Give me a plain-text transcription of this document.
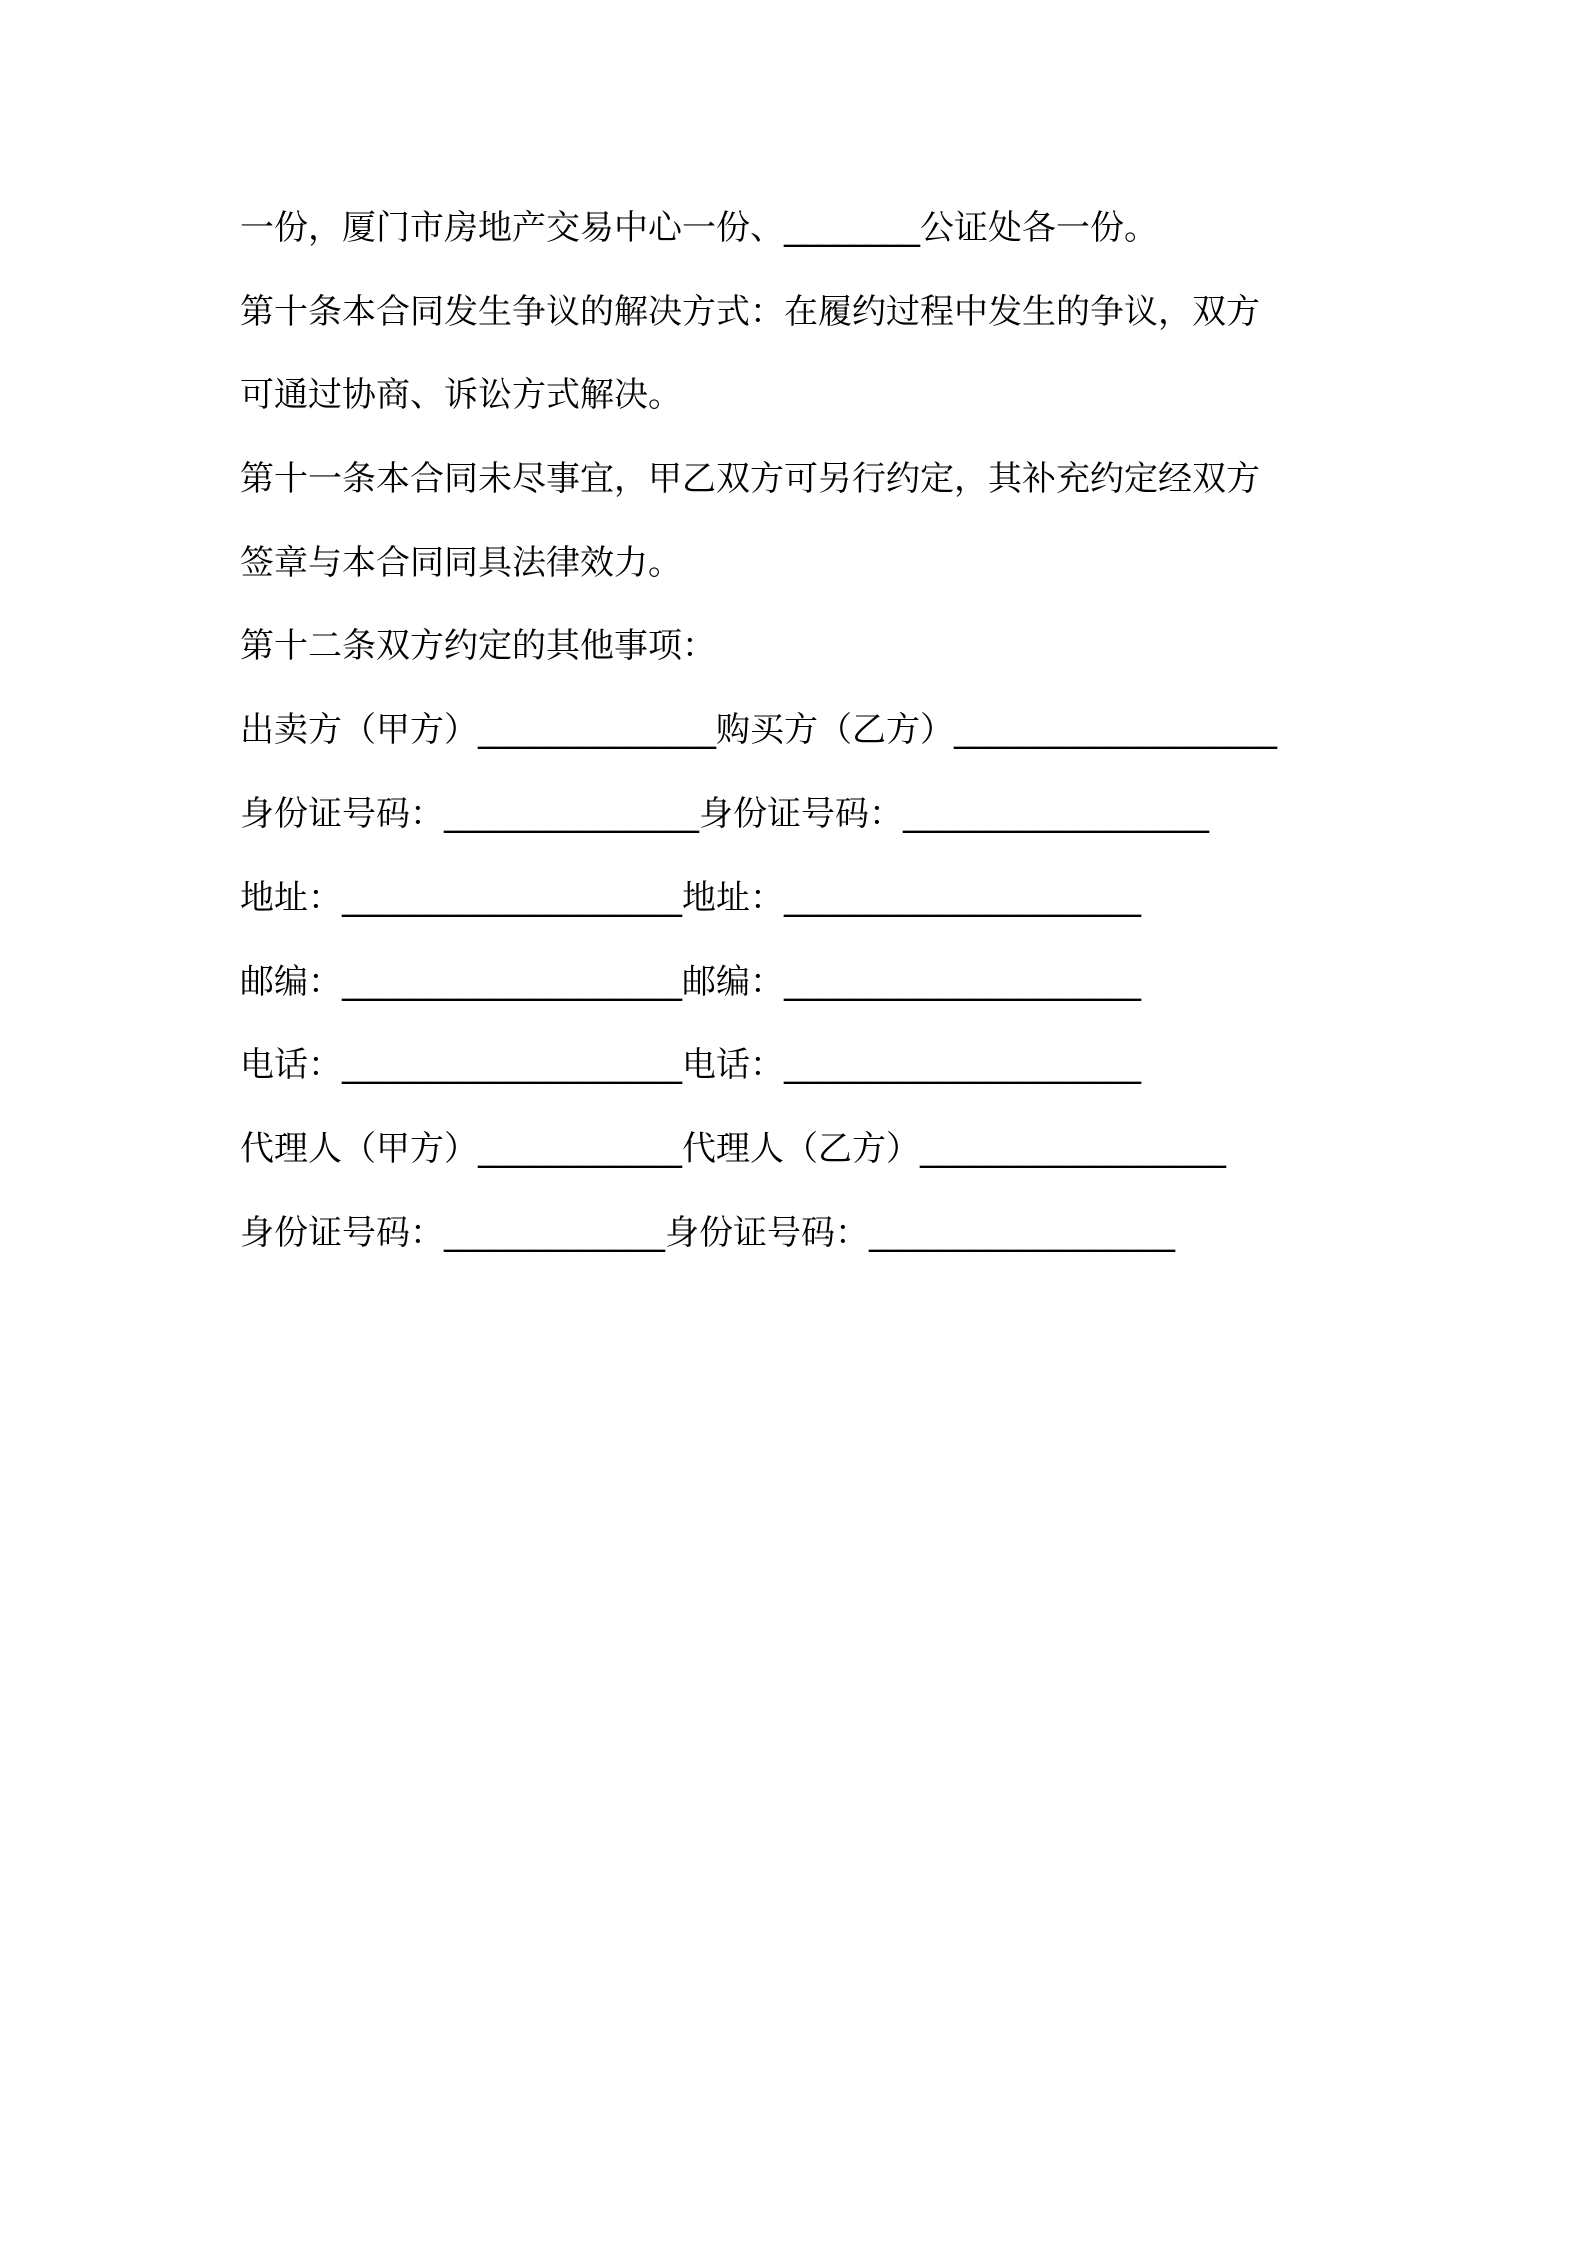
一份，厦门市房地产交易中心一份、________公证处各一份。
第十条本合同发生争议的解决方式：在履约过程中发生的争议，双方
可通过协商、诉讼方式解决。
第十一条本合同未尽事宜，甲乙双方可另行约定，其补充约定经双方
签章与本合同同具法律效力。
第十二条双方约定的其他事项：
出卖方（甲方）______________购买方（乙方）___________________
身份证号码：_______________身份证号码：__________________
地址：____________________地址：_____________________
邮编：____________________邮编：_____________________
电话：____________________电话：_____________________
代理人（甲方）____________代理人（乙方）__________________
身份证号码：_____________身份证号码：__________________
